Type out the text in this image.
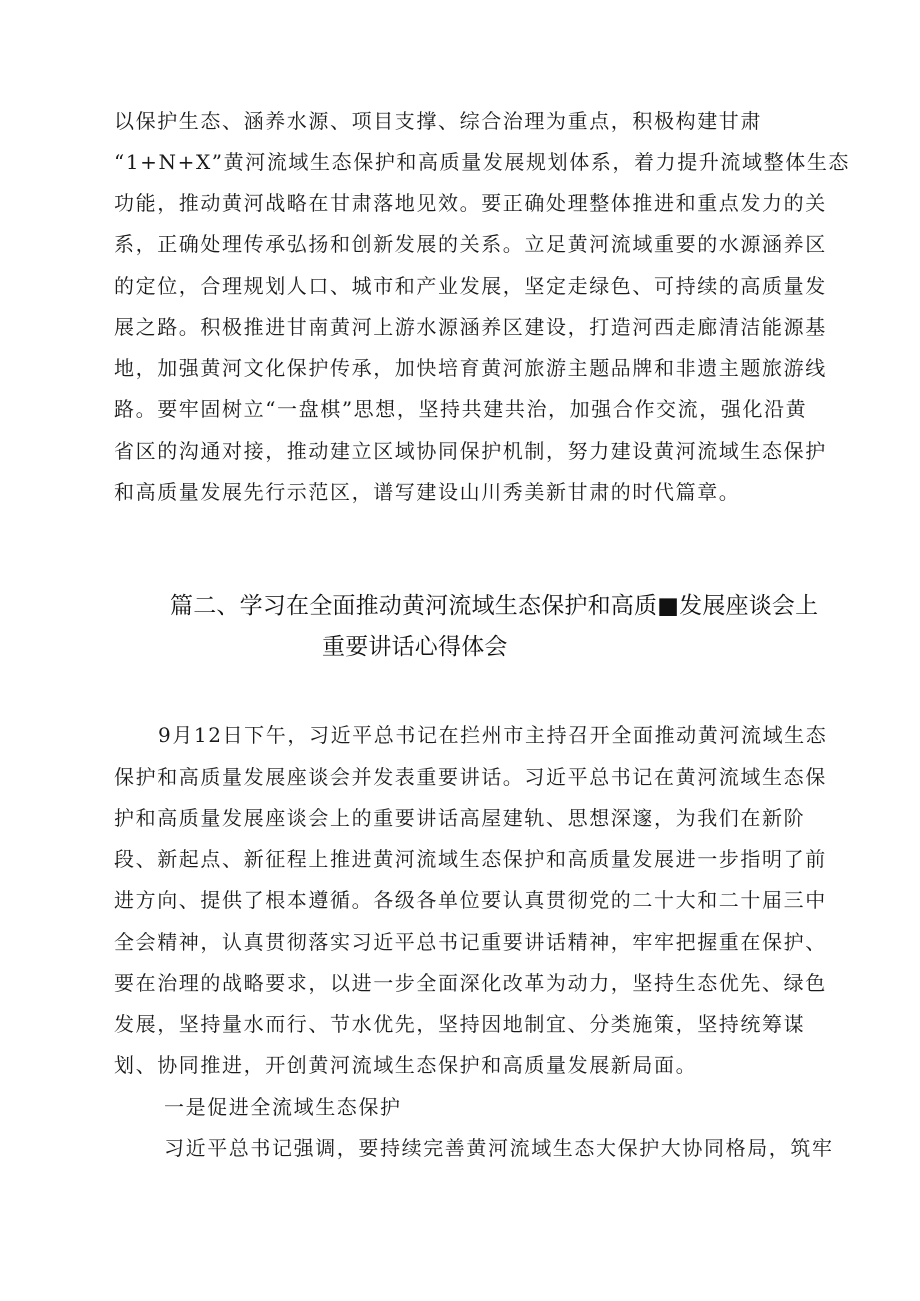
以保护生态、涵养水源、项目支撑、综合治理为重点，积极构建甘肃
“1+N+X”黄河流域生态保护和高质量发展规划体系，着力提升流域整体生态
功能，推动黄河战略在甘肃落地见效。要正确处理整体推进和重点发力的关
系，正确处理传承弘扬和创新发展的关系。立足黄河流域重要的水源涵养区
的定位，合理规划人口、城市和产业发展，坚定走绿色、可持续的高质量发
展之路。积极推进甘南黄河上游水源涵养区建设，打造河西走廊清洁能源基
地，加强黄河文化保护传承，加快培育黄河旅游主题品牌和非遗主题旅游线
路。要牢固树立“一盘棋”思想，坚持共建共治，加强合作交流，强化沿黄
省区的沟通对接，推动建立区域协同保护机制，努力建设黄河流域生态保护
和高质量发展先行示范区，谱写建设山川秀美新甘肃的时代篇章。
篇二、学习在全面推动黄河流域生态保护和高质■发展座谈会上
重要讲话心得体会
9月12日下午，习近平总书记在拦州市主持召开全面推动黄河流域生态
保护和高质量发展座谈会并发表重要讲话。习近平总书记在黄河流域生态保
护和高质量发展座谈会上的重要讲话高屋建轨、思想深邃，为我们在新阶
段、新起点、新征程上推进黄河流域生态保护和高质量发展进一步指明了前
进方向、提供了根本遵循。各级各单位要认真贯彻党的二十大和二十届三中
全会精神，认真贯彻落实习近平总书记重要讲话精神，牢牢把握重在保护、
要在治理的战略要求，以进一步全面深化改革为动力，坚持生态优先、绿色
发展，坚持量水而行、节水优先，坚持因地制宜、分类施策，坚持统筹谋
划、协同推进，开创黄河流域生态保护和高质量发展新局面。
一是促进全流域生态保护
习近平总书记强调，要持续完善黄河流域生态大保护大协同格局，筑牢
